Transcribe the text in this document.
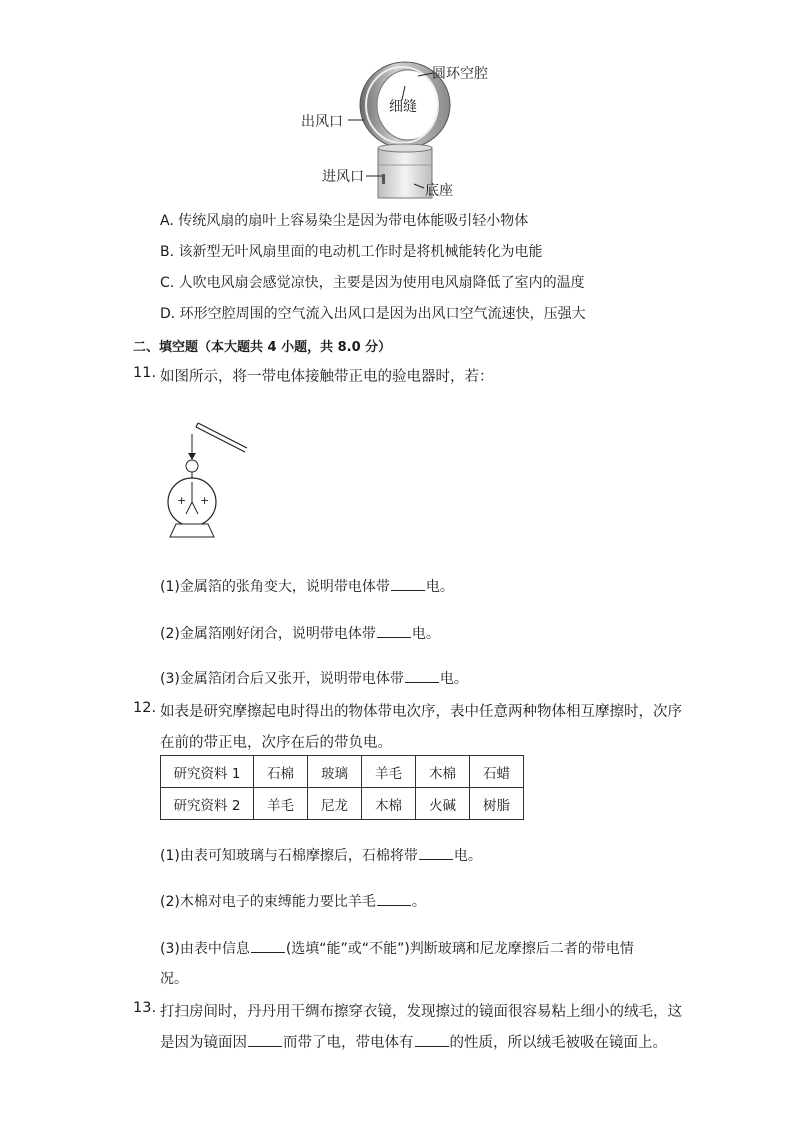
圆环空腔
细缝
出风口
进风口
底座
A. 传统风扇的扇叶上容易染尘是因为带电体能吸引轻小物体
B. 该新型无叶风扇里面的电动机工作时是将机械能转化为电能
C. 人吹电风扇会感觉凉快，主要是因为使用电风扇降低了室内的温度
D. 环形空腔周围的空气流入出风口是因为出风口空气流速快，压强大
二、填空题（本大题共 4 小题，共 8.0 分）
11. 如图所示，将一带电体接触带正电的验电器时，若：
+ +
(1)金属箔的张角变大，说明带电体带	电。
(2)金属箔刚好闭合，说明带电体带	电。
(3)金属箔闭合后又张开，说明带电体带	电。
12. 如表是研究摩擦起电时得出的物体带电次序，表中任意两种物体相互摩擦时，次序
在前的带正电，次序在后的带负电。
研究资料 1	石棉	玻璃	羊毛	木棉	石蜡
研究资料 2	羊毛	尼龙	木棉	火碱	树脂
(1)由表可知玻璃与石棉摩擦后，石棉将带	电。
(2)木棉对电子的束缚能力要比羊毛	。
(3)由表中信息	(选填“能”或“不能”)判断玻璃和尼龙摩擦后二者的带电情
况。
13. 打扫房间时，丹丹用干绸布擦穿衣镜，发现擦过的镜面很容易粘上细小的绒毛，这
是因为镜面因 而带了电，带电体有 的性质，所以绒毛被吸在镜面上。
